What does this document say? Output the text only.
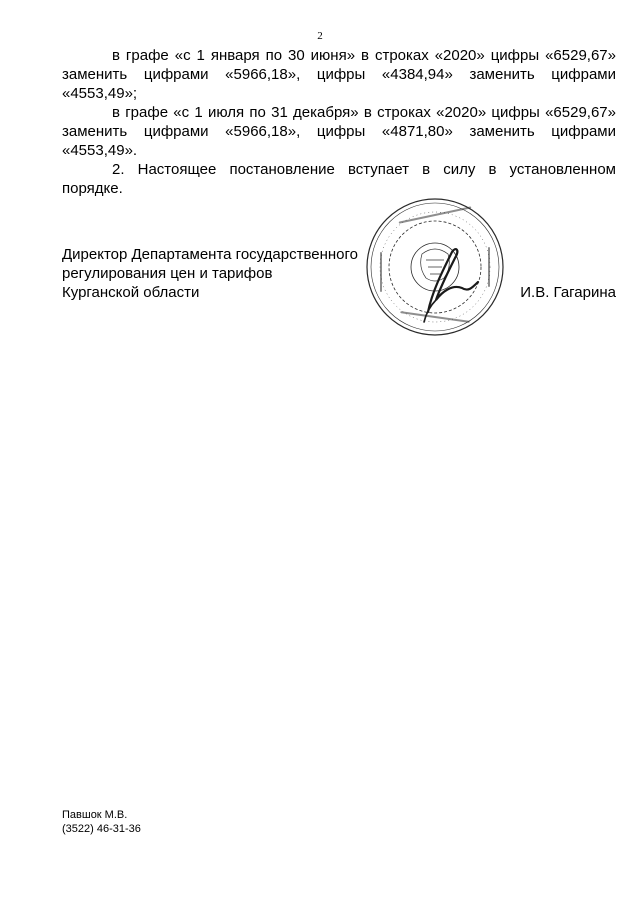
2

в графе «с 1 января по 30 июня» в строках «2020» цифры «6529,67» заменить цифрами «5966,18», цифры «4384,94» заменить цифрами «4553,49»;

в графе «с 1 июля по 31 декабря» в строках «2020» цифры «6529,67» заменить цифрами «5966,18», цифры «4871,80» заменить цифрами «4553,49».

2. Настоящее постановление вступает в силу в установленном порядке.

Директор Департамента государственного
регулирования цен и тарифов
Курганской области	И.В. Гагарина
Павшок М.В.
(3522) 46-31-36
